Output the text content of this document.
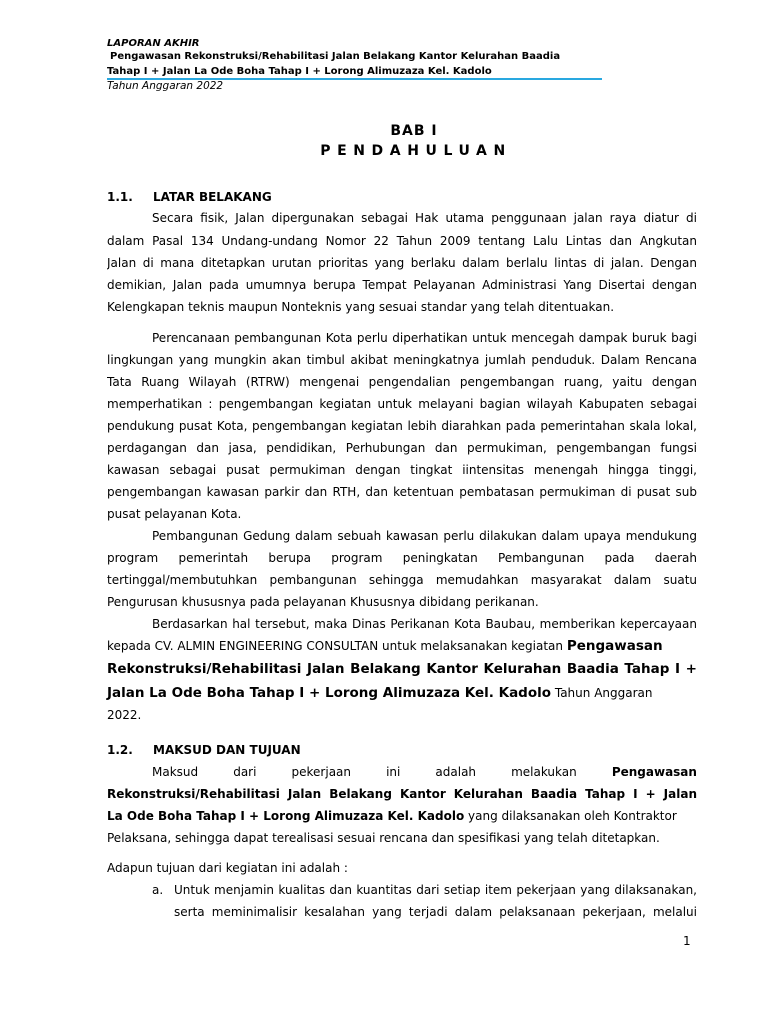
LAPORAN AKHIR
Pengawasan Rekonstruksi/Rehabilitasi Jalan Belakang Kantor Kelurahan Baadia
Tahap I + Jalan La Ode Boha Tahap I + Lorong Alimuzaza Kel. Kadolo
Tahun Anggaran 2022
BAB I
PENDAHULUAN
1.1. LATAR BELAKANG
Secara fisik, Jalan dipergunakan sebagai Hak utama penggunaan jalan raya diatur di
dalam Pasal 134 Undang-undang Nomor 22 Tahun 2009 tentang Lalu Lintas dan Angkutan
Jalan di mana ditetapkan urutan prioritas yang berlaku dalam berlalu lintas di jalan. Dengan
demikian, Jalan pada umumnya berupa Tempat Pelayanan Administrasi Yang Disertai dengan
Kelengkapan teknis maupun Nonteknis yang sesuai standar yang telah ditentuakan.
Perencanaan pembangunan Kota perlu diperhatikan untuk mencegah dampak buruk bagi
lingkungan yang mungkin akan timbul akibat meningkatnya jumlah penduduk. Dalam Rencana
Tata Ruang Wilayah (RTRW) mengenai pengendalian pengembangan ruang, yaitu dengan
memperhatikan : pengembangan kegiatan untuk melayani bagian wilayah Kabupaten sebagai
pendukung pusat Kota, pengembangan kegiatan lebih diarahkan pada pemerintahan skala lokal,
perdagangan dan jasa, pendidikan, Perhubungan dan permukiman, pengembangan fungsi
kawasan sebagai pusat permukiman dengan tingkat iintensitas menengah hingga tinggi,
pengembangan kawasan parkir dan RTH, dan ketentuan pembatasan permukiman di pusat sub
pusat pelayanan Kota.
Pembangunan Gedung dalam sebuah kawasan perlu dilakukan dalam upaya mendukung
program pemerintah berupa program peningkatan Pembangunan pada daerah
tertinggal/membutuhkan pembangunan sehingga memudahkan masyarakat dalam suatu
Pengurusan khususnya pada pelayanan Khususnya dibidang perikanan.
Berdasarkan hal tersebut, maka Dinas Perikanan Kota Baubau, memberikan kepercayaan
kepada CV. ALMIN ENGINEERING CONSULTAN untuk melaksanakan kegiatan Pengawasan
Rekonstruksi/Rehabilitasi Jalan Belakang Kantor Kelurahan Baadia Tahap I +
Jalan La Ode Boha Tahap I + Lorong Alimuzaza Kel. Kadolo Tahun Anggaran
2022.
1.2. MAKSUD DAN TUJUAN
Maksud	dari	pekerjaan	ini	adalah	melakukan	Pengawasan
Rekonstruksi/Rehabilitasi Jalan Belakang Kantor Kelurahan Baadia Tahap I + Jalan
La Ode Boha Tahap I + Lorong Alimuzaza Kel. Kadolo yang dilaksanakan oleh Kontraktor
Pelaksana, sehingga dapat terealisasi sesuai rencana dan spesifikasi yang telah ditetapkan.
Adapun tujuan dari kegiatan ini adalah :
a. Untuk menjamin kualitas dan kuantitas dari setiap item pekerjaan yang dilaksanakan,
serta meminimalisir kesalahan yang terjadi dalam pelaksanaan pekerjaan, melalui
1
